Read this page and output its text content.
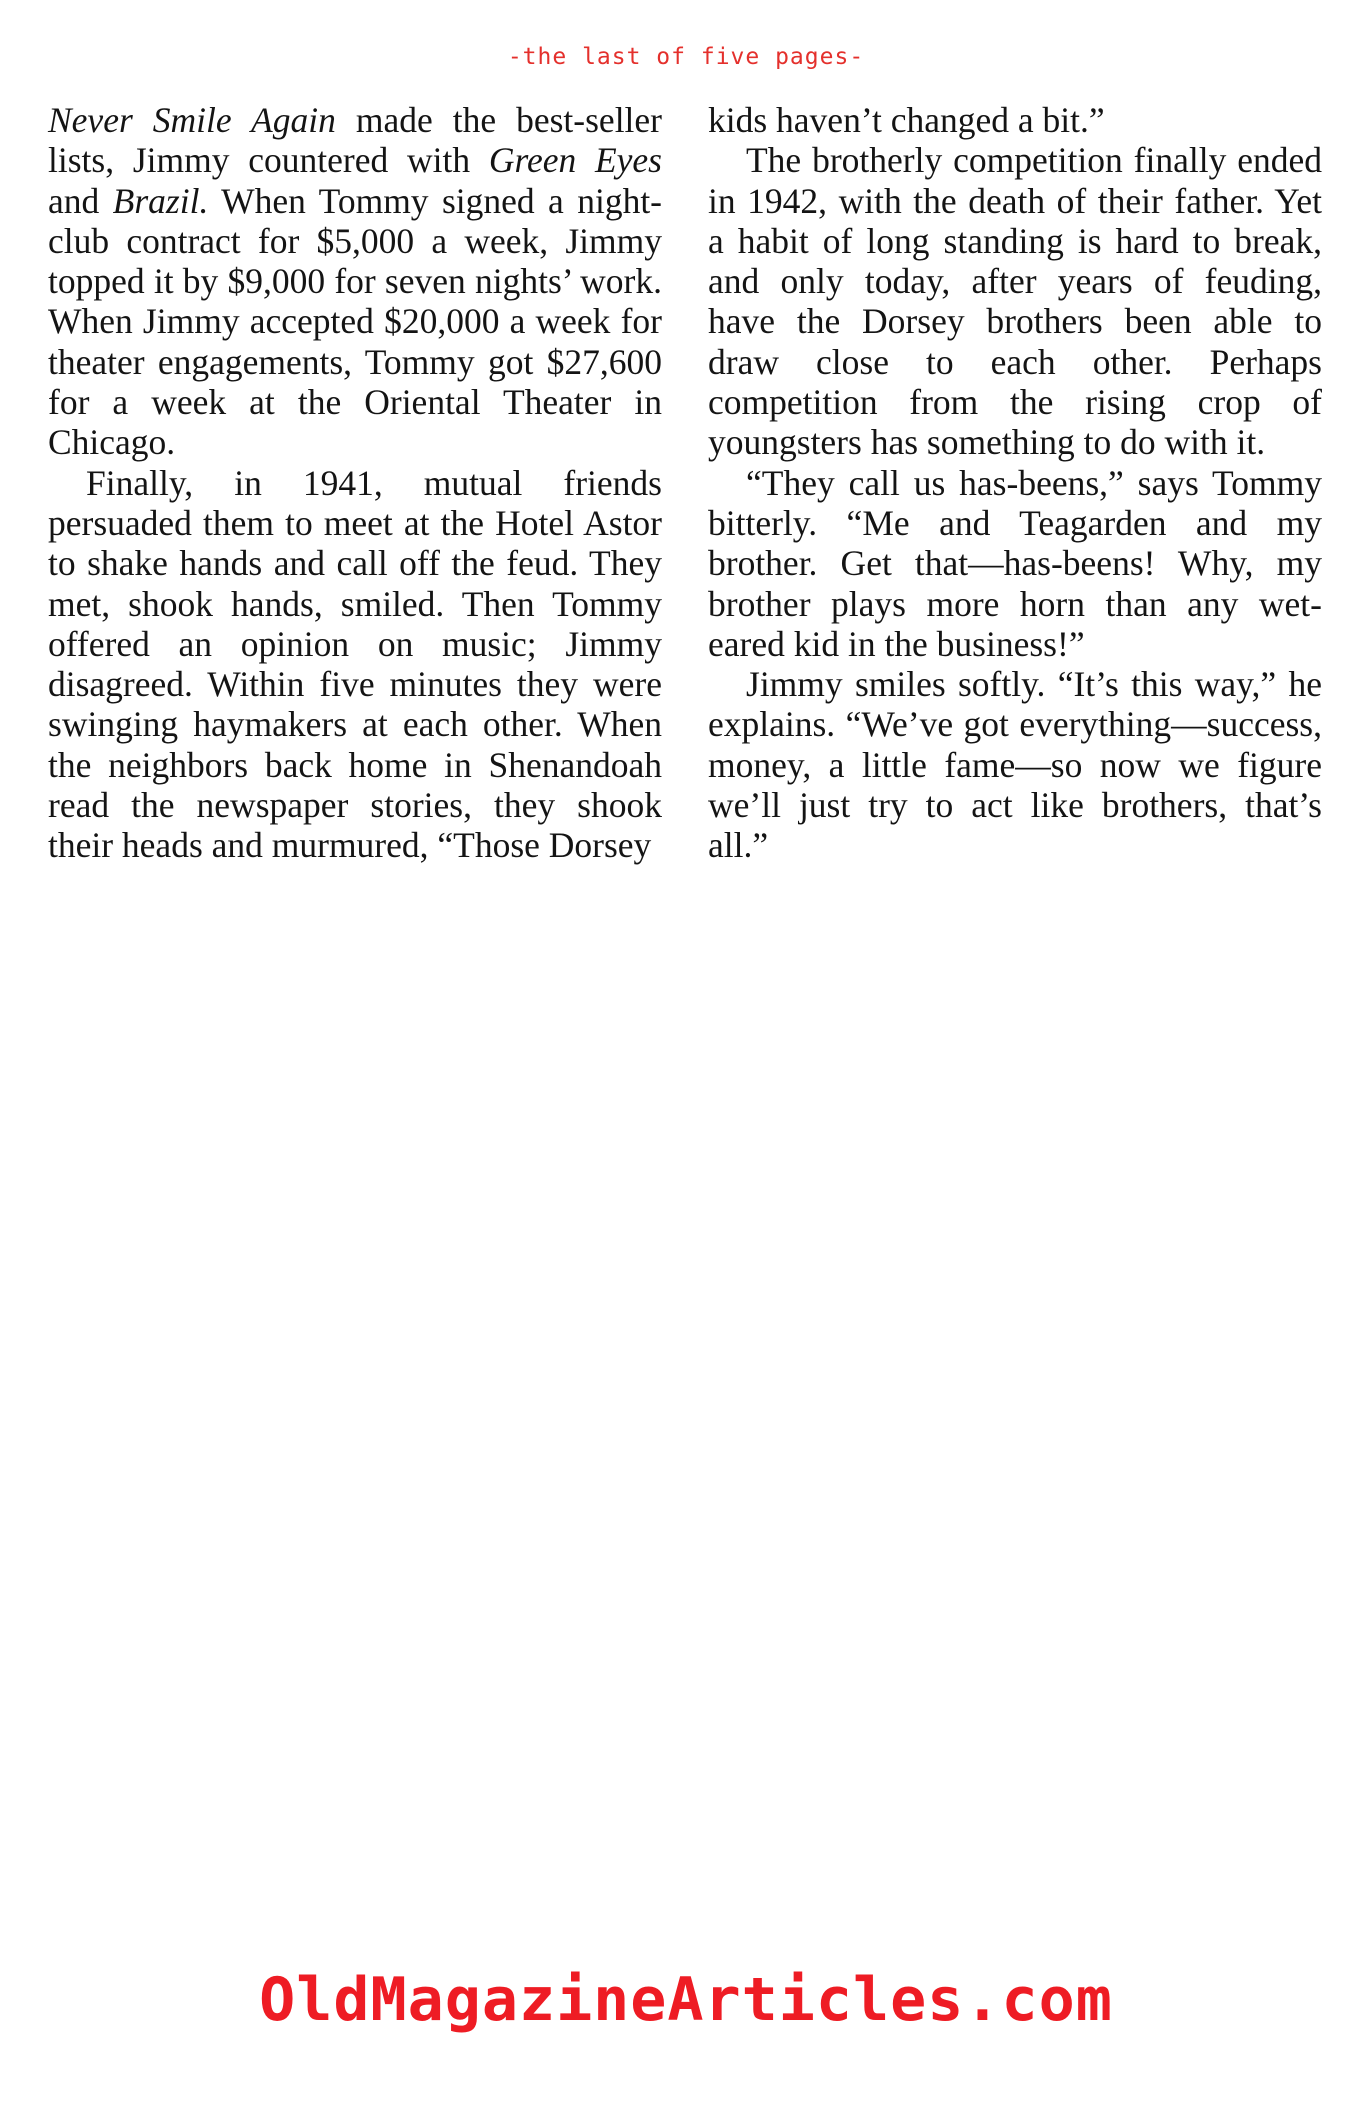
-the last of five pages-

Never Smile Again made the best-seller lists, Jimmy countered with Green Eyes and Brazil. When Tommy signed a night-club contract for $5,000 a week, Jimmy topped it by $9,000 for seven nights’ work. When Jimmy accepted $20,000 a week for theater engagements, Tommy got $27,600 for a week at the Oriental Theater in Chicago.

Finally, in 1941, mutual friends persuaded them to meet at the Hotel Astor to shake hands and call off the feud. They met, shook hands, smiled. Then Tommy offered an opinion on music; Jimmy disagreed. Within five minutes they were swinging haymakers at each other. When the neighbors back home in Shenandoah read the newspaper stories, they shook their heads and murmured, “Those Dorsey

kids haven’t changed a bit.”

The brotherly competition finally ended in 1942, with the death of their father. Yet a habit of long standing is hard to break, and only today, after years of feuding, have the Dorsey brothers been able to draw close to each other. Perhaps competition from the rising crop of youngsters has something to do with it.

“They call us has-beens,” says Tommy bitterly. “Me and Teagarden and my brother. Get that—has-beens! Why, my brother plays more horn than any wet-eared kid in the business!”

Jimmy smiles softly. “It’s this way,” he explains. “We’ve got everything—success, money, a little fame—so now we figure we’ll just try to act like brothers, that’s all.”

OldMagazineArticles.com
